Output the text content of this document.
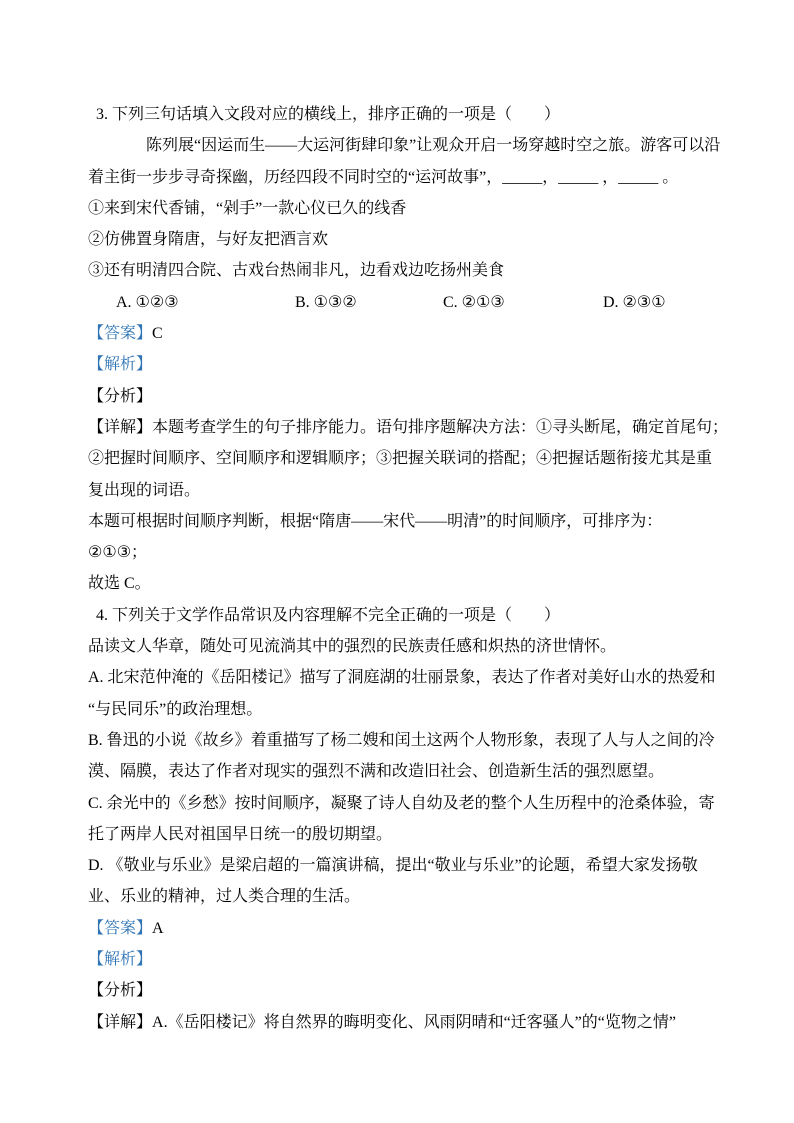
3. 下列三句话填入文段对应的横线上，排序正确的一项是（　　）
陈列展“因运而生——大运河街肆印象”让观众开启一场穿越时空之旅。游客可以沿
着主街一步步寻奇探幽，历经四段不同时空的“运河故事”，_____，_____ ，_____ 。
①来到宋代香铺，“剁手”一款心仪已久的线香
②仿佛置身隋唐，与好友把酒言欢
③还有明清四合院、古戏台热闹非凡，边看戏边吃扬州美食
A. ①②③	B. ①③②	C. ②①③	D. ②③①
【答案】C
【解析】
【分析】
【详解】本题考查学生的句子排序能力。语句排序题解决方法：①寻头断尾，确定首尾句；
②把握时间顺序、空间顺序和逻辑顺序；③把握关联词的搭配；④把握话题衔接尤其是重
复出现的词语。
本题可根据时间顺序判断，根据“隋唐——宋代——明清”的时间顺序，可排序为：
②①③；
故选 C。
4. 下列关于文学作品常识及内容理解不完全正确的一项是（　　）
品读文人华章，随处可见流淌其中的强烈的民族责任感和炽热的济世情怀。
A. 北宋范仲淹的《岳阳楼记》描写了洞庭湖的壮丽景象，表达了作者对美好山水的热爱和
“与民同乐”的政治理想。
B. 鲁迅的小说《故乡》着重描写了杨二嫂和闰土这两个人物形象，表现了人与人之间的冷
漠、隔膜，表达了作者对现实的强烈不满和改造旧社会、创造新生活的强烈愿望。
C. 余光中的《乡愁》按时间顺序，凝聚了诗人自幼及老的整个人生历程中的沧桑体验，寄
托了两岸人民对祖国早日统一的殷切期望。
D. 《敬业与乐业》是梁启超的一篇演讲稿，提出“敬业与乐业”的论题，希望大家发扬敬
业、乐业的精神，过人类合理的生活。
【答案】A
【解析】
【分析】
【详解】A.《岳阳楼记》将自然界的晦明变化、风雨阴晴和“迁客骚人”的“览物之情”
